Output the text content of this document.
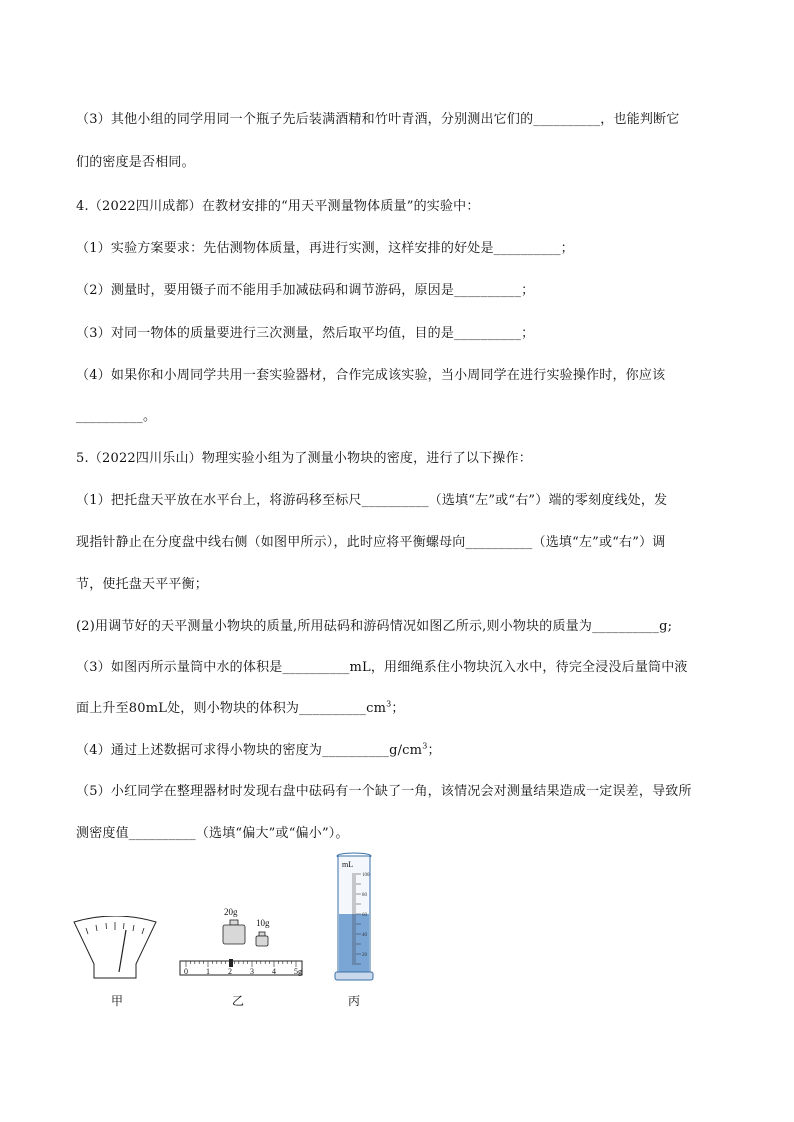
（3）其他小组的同学用同一个瓶子先后装满酒精和竹叶青酒，分别测出它们的__________，也能判断它
们的密度是否相同。
4.（2022四川成都）在教材安排的“用天平测量物体质量”的实验中：
（1）实验方案要求：先估测物体质量，再进行实测，这样安排的好处是__________；
（2）测量时，要用镊子而不能用手加减砝码和调节游码，原因是__________；
（3）对同一物体的质量要进行三次测量，然后取平均值，目的是__________；
（4）如果你和小周同学共用一套实验器材，合作完成该实验，当小周同学在进行实验操作时，你应该
__________。
5.（2022四川乐山）物理实验小组为了测量小物块的密度，进行了以下操作：
（1）把托盘天平放在水平台上，将游码移至标尺__________（选填“左”或“右”）端的零刻度线处，发
现指针静止在分度盘中线右侧（如图甲所示），此时应将平衡螺母向__________（选填“左”或“右”）调
节，使托盘天平平衡；
(2)用调节好的天平测量小物块的质量,所用砝码和游码情况如图乙所示,则小物块的质量为__________g;
（3）如图丙所示量筒中水的体积是__________mL，用细绳系住小物块沉入水中，待完全浸没后量筒中液
面上升至80mL处，则小物块的体积为$\_\_\_\_\_\_\_\_\_\_cm^3$；
（4）通过上述数据可求得小物块的密度为$\_\_\_\_\_\_\_\_\_\_g/cm^3$；
（5）小红同学在整理器材时发现右盘中砝码有一个缺了一角，该情况会对测量结果造成一定误差，导致所
测密度值__________（选填“偏大”或“偏小”）。
甲
20g
10g
0 1 2 3 4 5g
乙
mL
100
80
60
40
20
丙
